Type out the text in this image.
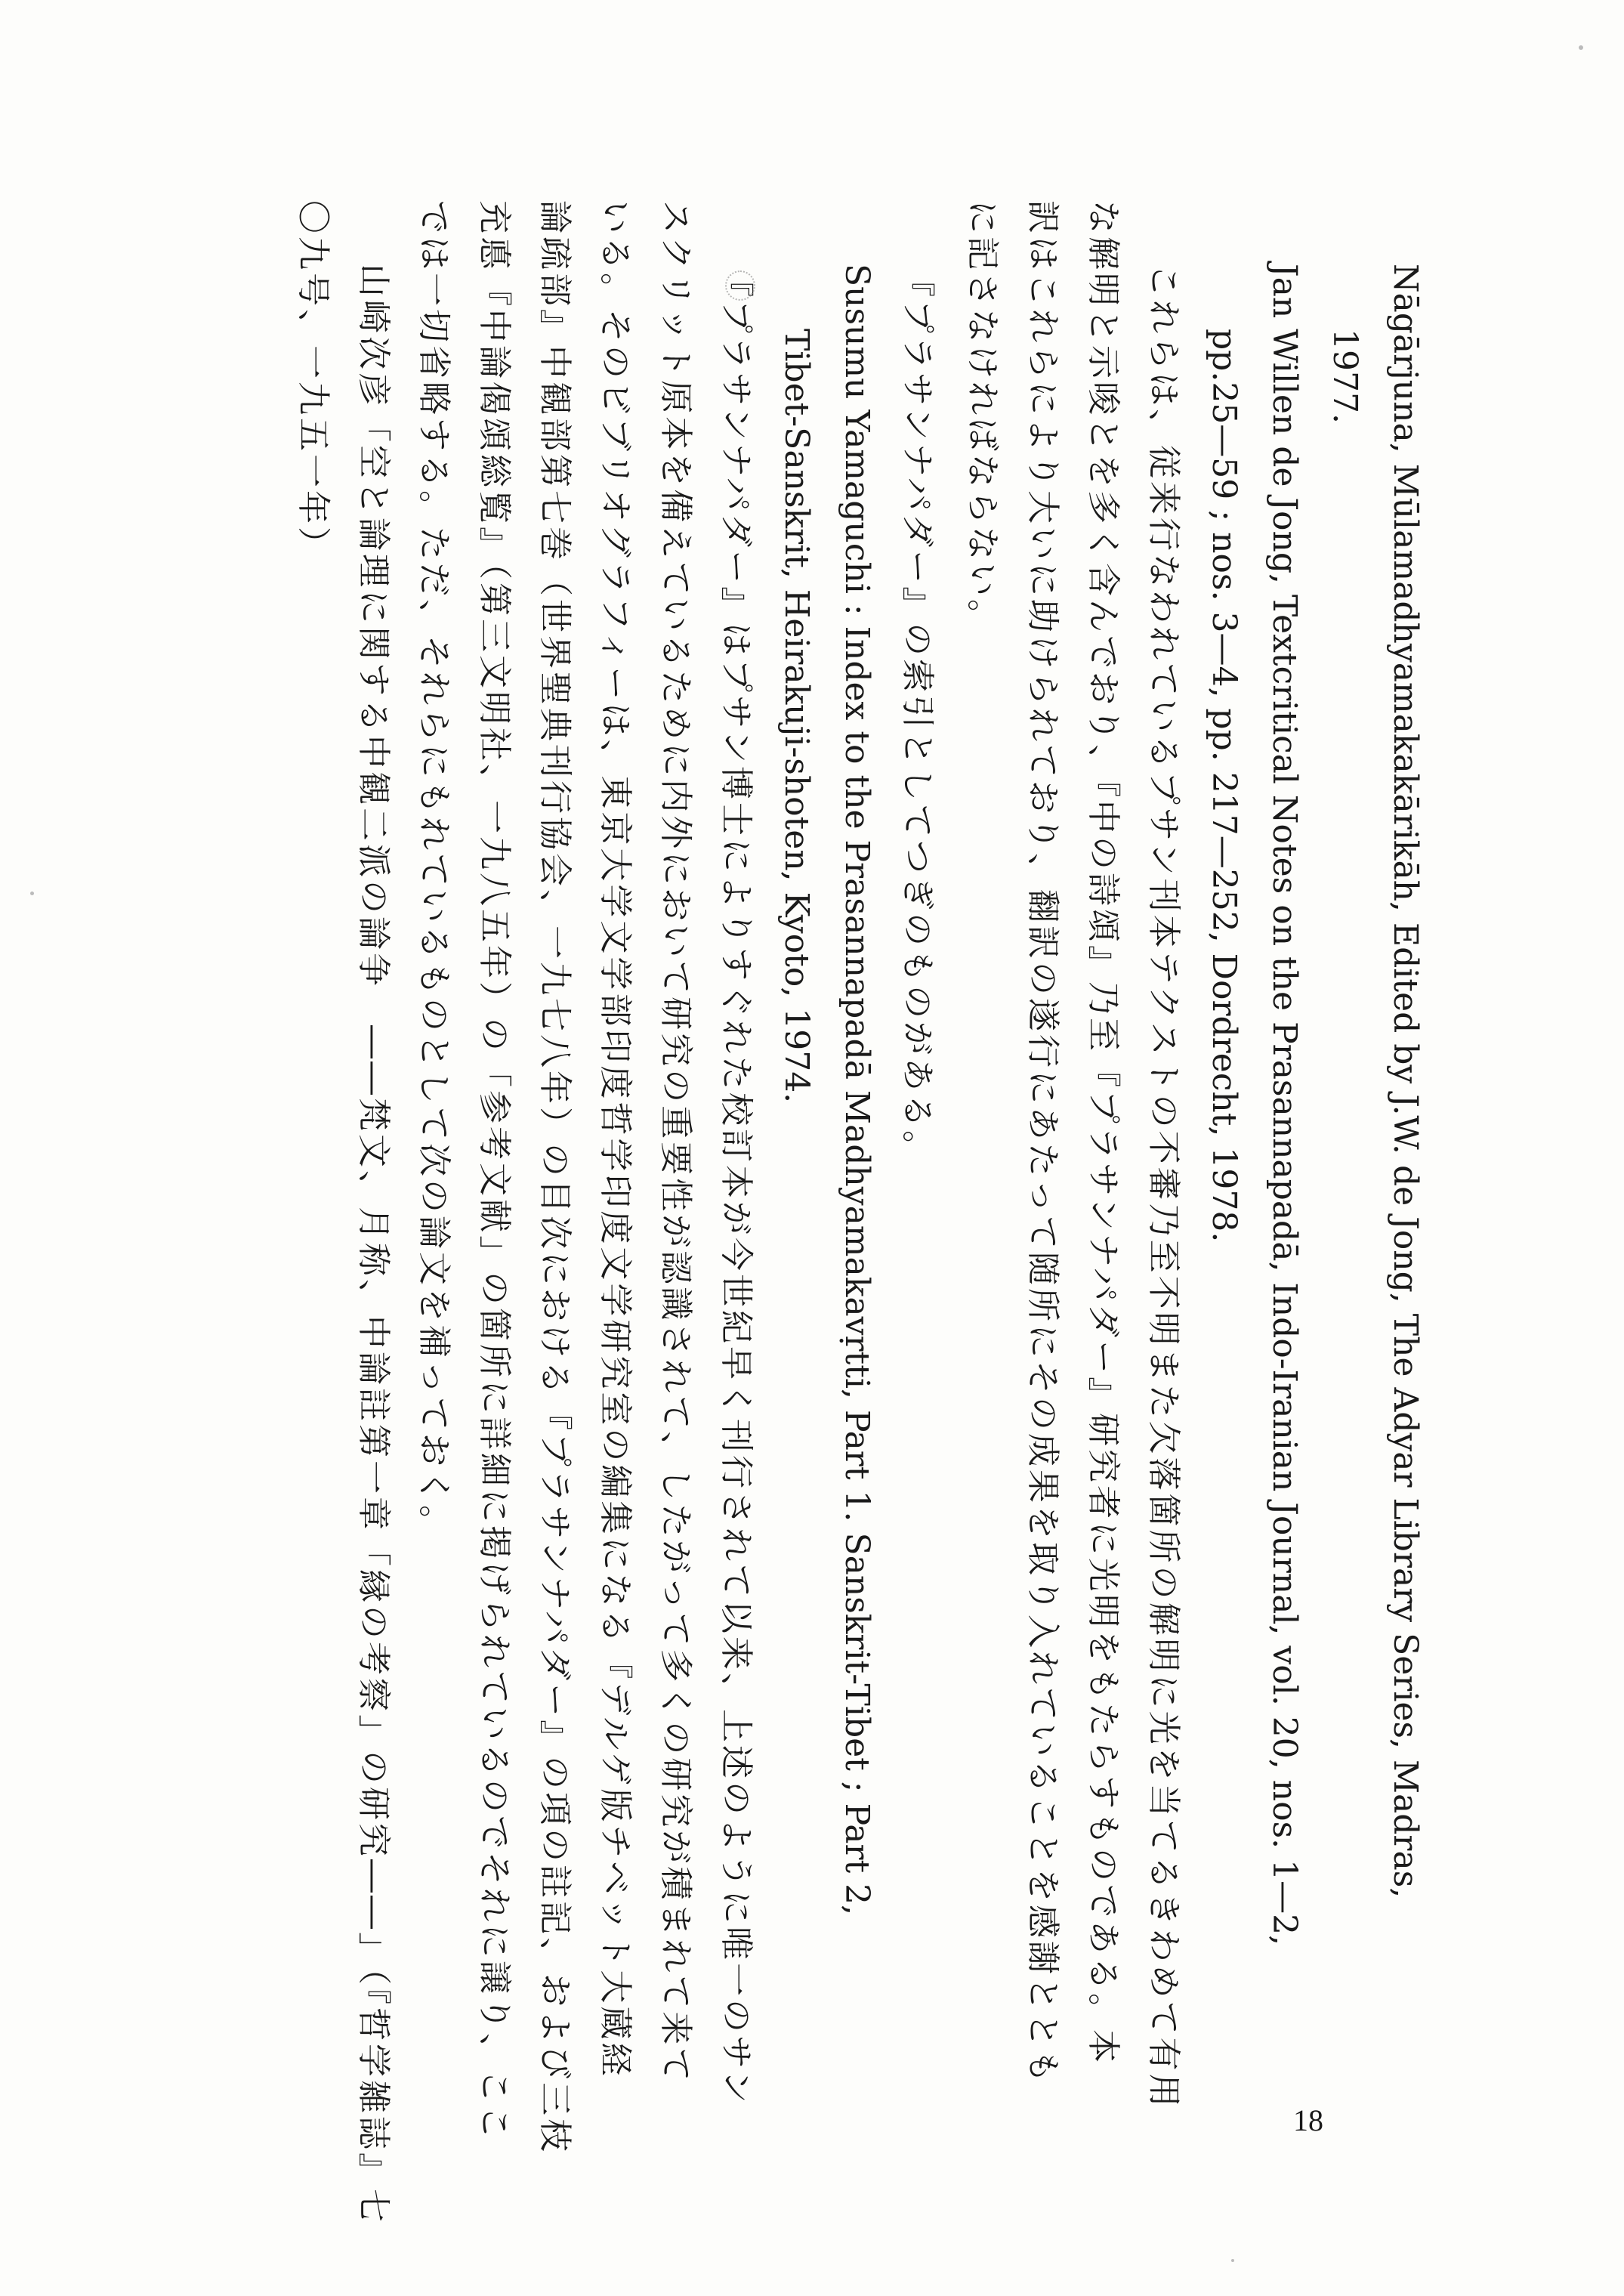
Nāgārjuna, Mūlamadhyamakakārikāh, Edited by J.W. de Jong, The Adyar Library Series, Madras,
1977.
Jan Willen de Jong, Textcritical Notes on the Prasannapadā, Indo-Iranian Journal, vol. 20, nos. 1—2,
pp.25—59 ; nos. 3—4, pp. 217—252, Dordrecht, 1978.
これらは、従来行なわれているプサン刊本テクストの不審乃至不明また欠落箇所の解明に光を当てるきわめて有用
な解明と示唆とを多く含んでおり、『中の詩頌』乃至『プラサンナパダー』研究者に光明をもたらすものである。本
訳はこれらにより大いに助けられており、翻訳の遂行にあたって随所にその成果を取り入れていることを感謝ととも
に記さなければならない。
『プラサンナパダー』の索引としてつぎのものがある。
Susumu Yamaguchi : Index to the Prasannapadā Madhyamakavṛtti, Part 1. Sanskrit-Tibet ; Part 2,
Tibet-Sanskrit, Heirakuji-shoten, Kyoto, 1974.
『プラサンナパダー』はプサン博士によりすぐれた校訂本が今世紀早く刊行されて以来、上述のように唯一のサン
スクリット原本を備えているために内外において研究の重要性が認識されて、したがって多くの研究が積まれて来て
いる。そのビブリオグラフィーは、東京大学文学部印度哲学印度文学研究室の編集になる『デルゲ版チベット大蔵経
論疏部』中観部第七巻（世界聖典刊行協会、一九七八年）の目次における『プラサンナパダー』の項の註記、および三枝
充悳『中論偈頌総覧』（第三文明社、一九八五年）の「参考文献」の箇所に詳細に掲げられているのでそれに譲り、ここ
では一切省略する。ただ、それらにもれているものとして次の論文を補っておく。
山崎次彦「空と論理に関する中観二派の論争　――梵文、月称、中論註第一章「縁の考察」の研究――」（『哲学雑誌』七
〇九号、一九五一年）
18
